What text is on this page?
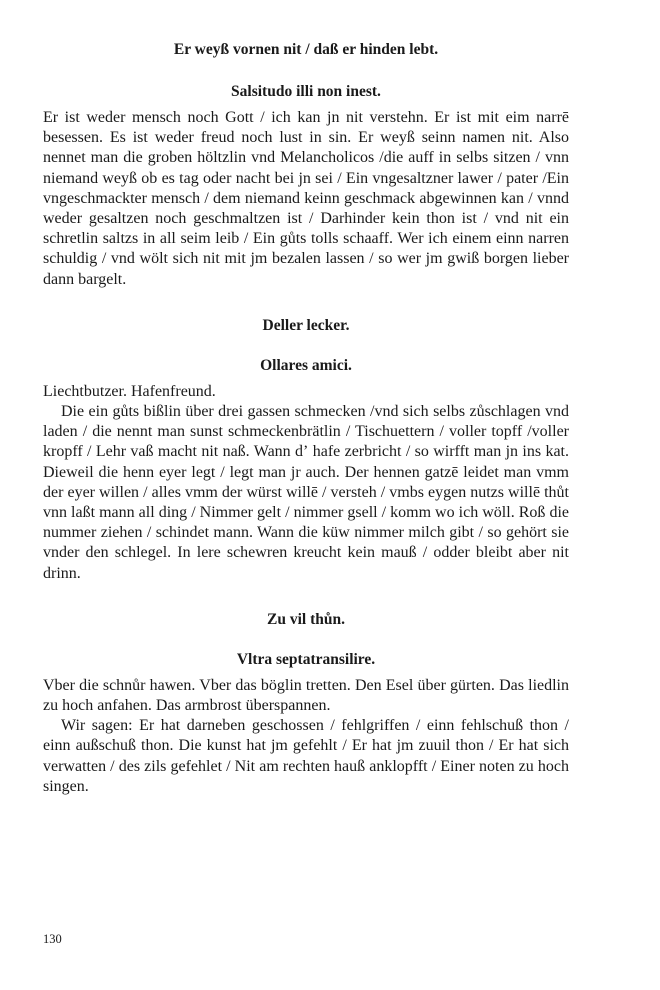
Er weyß vornen nit / daß er hinden lebt.
Salsitudo illi non inest.

Er ist weder mensch noch Gott / ich kan jn nit verstehn. Er ist mit eim narrē besessen. Es ist weder freud noch lust in sin. Er weyß seinn namen nit. Also nennet man die groben höltzlin vnd Melancholicos /die auff in selbs sitzen / vnn niemand weyß ob es tag oder nacht bei jn sei / Ein vngesaltzner lawer / pater /Ein vngeschmackter mensch / dem niemand keinn geschmack abgewinnen kan / vnnd weder gesaltzen noch geschmaltzen ist / Darhinder kein thon ist / vnd nit ein schretlin saltzs in all seim leib / Ein gůts tolls schaaff. Wer ich einem einn narren schuldig / vnd wölt sich nit mit jm bezalen lassen / so wer jm gwiß borgen lieber dann bargelt.

Deller lecker.
Ollares amici.

Liechtbutzer. Hafenfreund.

Die ein gůts bißlin über drei gassen schmecken /vnd sich selbs zůschlagen vnd laden / die nennt man sunst schmeckenbrätlin / Tischuettern / voller topff /voller kropff / Lehr vaß macht nit naß. Wann dʼ hafe zerbricht / so wirfft man jn ins kat. Dieweil die henn eyer legt / legt man jr auch. Der hennen gatzē leidet man vmm der eyer willen / alles vmm der würst willē / versteh / vmbs eygen nutzs willē thůt vnn laßt mann all ding / Nimmer gelt / nimmer gsell / komm wo ich wöll. Roß die nummer ziehen / schindet mann. Wann die küw nimmer milch gibt / so gehört sie vnder den schlegel. In lere schewren kreucht kein mauß / odder bleibt aber nit drinn.

Zu vil thůn.
Vltra septatransilire.

Vber die schnůr hawen. Vber das böglin tretten. Den Esel über gürten. Das liedlin zu hoch anfahen. Das armbrost überspannen.

Wir sagen: Er hat darneben geschossen / fehlgriffen / einn fehlschuß thon / einn außschuß thon. Die kunst hat jm gefehlt / Er hat jm zuuil thon / Er hat sich verwatten / des zils gefehlet / Nit am rechten hauß anklopfft / Einer noten zu hoch singen.

130
